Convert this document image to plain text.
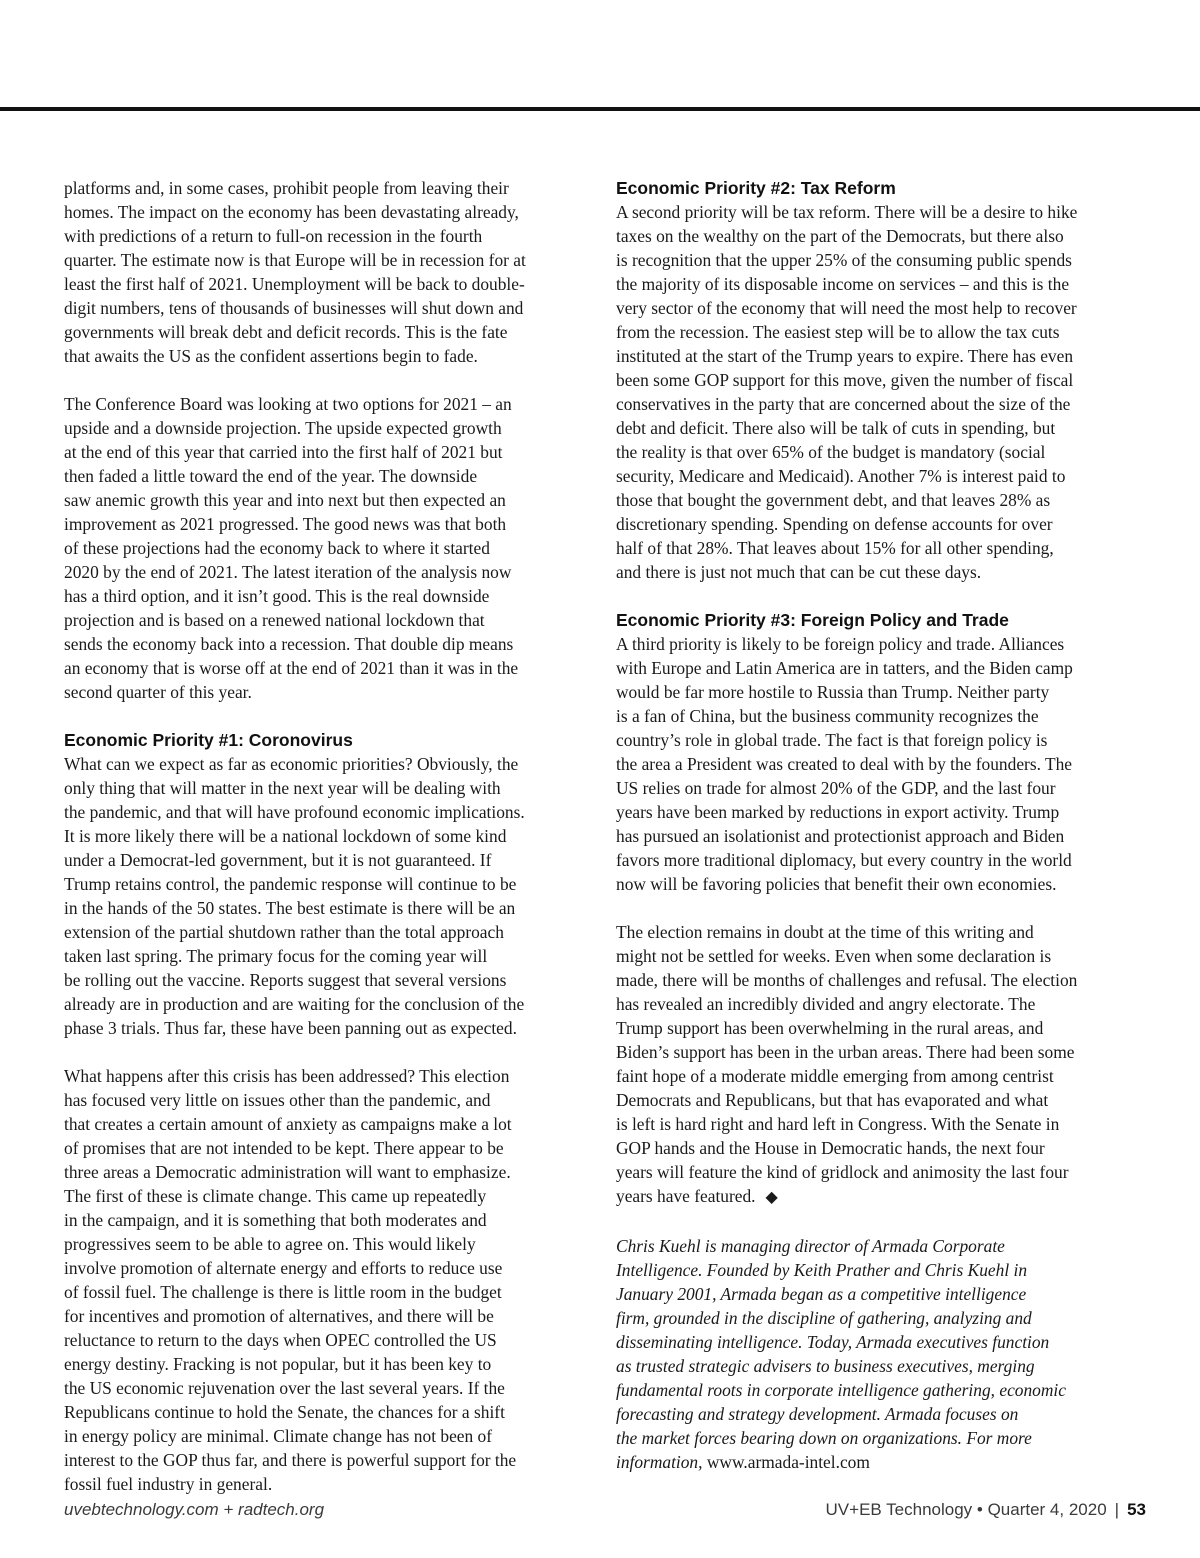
platforms and, in some cases, prohibit people from leaving their
homes. The impact on the economy has been devastating already,
with predictions of a return to full-on recession in the fourth
quarter. The estimate now is that Europe will be in recession for at
least the first half of 2021. Unemployment will be back to double-
digit numbers, tens of thousands of businesses will shut down and
governments will break debt and deficit records. This is the fate
that awaits the US as the confident assertions begin to fade.

The Conference Board was looking at two options for 2021 – an
upside and a downside projection. The upside expected growth
at the end of this year that carried into the first half of 2021 but
then faded a little toward the end of the year. The downside
saw anemic growth this year and into next but then expected an
improvement as 2021 progressed. The good news was that both
of these projections had the economy back to where it started
2020 by the end of 2021. The latest iteration of the analysis now
has a third option, and it isn’t good. This is the real downside
projection and is based on a renewed national lockdown that
sends the economy back into a recession. That double dip means
an economy that is worse off at the end of 2021 than it was in the
second quarter of this year.

Economic Priority #1: Coronovirus

What can we expect as far as economic priorities? Obviously, the
only thing that will matter in the next year will be dealing with
the pandemic, and that will have profound economic implications.
It is more likely there will be a national lockdown of some kind
under a Democrat-led government, but it is not guaranteed. If
Trump retains control, the pandemic response will continue to be
in the hands of the 50 states. The best estimate is there will be an
extension of the partial shutdown rather than the total approach
taken last spring. The primary focus for the coming year will
be rolling out the vaccine. Reports suggest that several versions
already are in production and are waiting for the conclusion of the
phase 3 trials. Thus far, these have been panning out as expected.

What happens after this crisis has been addressed? This election
has focused very little on issues other than the pandemic, and
that creates a certain amount of anxiety as campaigns make a lot
of promises that are not intended to be kept. There appear to be
three areas a Democratic administration will want to emphasize.
The first of these is climate change. This came up repeatedly
in the campaign, and it is something that both moderates and
progressives seem to be able to agree on. This would likely
involve promotion of alternate energy and efforts to reduce use
of fossil fuel. The challenge is there is little room in the budget
for incentives and promotion of alternatives, and there will be
reluctance to return to the days when OPEC controlled the US
energy destiny. Fracking is not popular, but it has been key to
the US economic rejuvenation over the last several years. If the
Republicans continue to hold the Senate, the chances for a shift
in energy policy are minimal. Climate change has not been of
interest to the GOP thus far, and there is powerful support for the
fossil fuel industry in general.

Economic Priority #2: Tax Reform

A second priority will be tax reform. There will be a desire to hike
taxes on the wealthy on the part of the Democrats, but there also
is recognition that the upper 25% of the consuming public spends
the majority of its disposable income on services – and this is the
very sector of the economy that will need the most help to recover
from the recession. The easiest step will be to allow the tax cuts
instituted at the start of the Trump years to expire. There has even
been some GOP support for this move, given the number of fiscal
conservatives in the party that are concerned about the size of the
debt and deficit. There also will be talk of cuts in spending, but
the reality is that over 65% of the budget is mandatory (social
security, Medicare and Medicaid). Another 7% is interest paid to
those that bought the government debt, and that leaves 28% as
discretionary spending. Spending on defense accounts for over
half of that 28%. That leaves about 15% for all other spending,
and there is just not much that can be cut these days.

Economic Priority #3: Foreign Policy and Trade

A third priority is likely to be foreign policy and trade. Alliances
with Europe and Latin America are in tatters, and the Biden camp
would be far more hostile to Russia than Trump. Neither party
is a fan of China, but the business community recognizes the
country’s role in global trade. The fact is that foreign policy is
the area a President was created to deal with by the founders. The
US relies on trade for almost 20% of the GDP, and the last four
years have been marked by reductions in export activity. Trump
has pursued an isolationist and protectionist approach and Biden
favors more traditional diplomacy, but every country in the world
now will be favoring policies that benefit their own economies.

The election remains in doubt at the time of this writing and
might not be settled for weeks. Even when some declaration is
made, there will be months of challenges and refusal. The election
has revealed an incredibly divided and angry electorate. The
Trump support has been overwhelming in the rural areas, and
Biden’s support has been in the urban areas. There had been some
faint hope of a moderate middle emerging from among centrist
Democrats and Republicans, but that has evaporated and what
is left is hard right and hard left in Congress. With the Senate in
GOP hands and the House in Democratic hands, the next four
years will feature the kind of gridlock and animosity the last four
years have featured. ◆

Chris Kuehl is managing director of Armada Corporate
Intelligence. Founded by Keith Prather and Chris Kuehl in
January 2001, Armada began as a competitive intelligence
firm, grounded in the discipline of gathering, analyzing and
disseminating intelligence. Today, Armada executives function
as trusted strategic advisers to business executives, merging
fundamental roots in corporate intelligence gathering, economic
forecasting and strategy development. Armada focuses on
the market forces bearing down on organizations. For more
information, www.armada-intel.com

uvebtechnology.com + radtech.org	UV+EB Technology • Quarter 4, 2020 | 53
